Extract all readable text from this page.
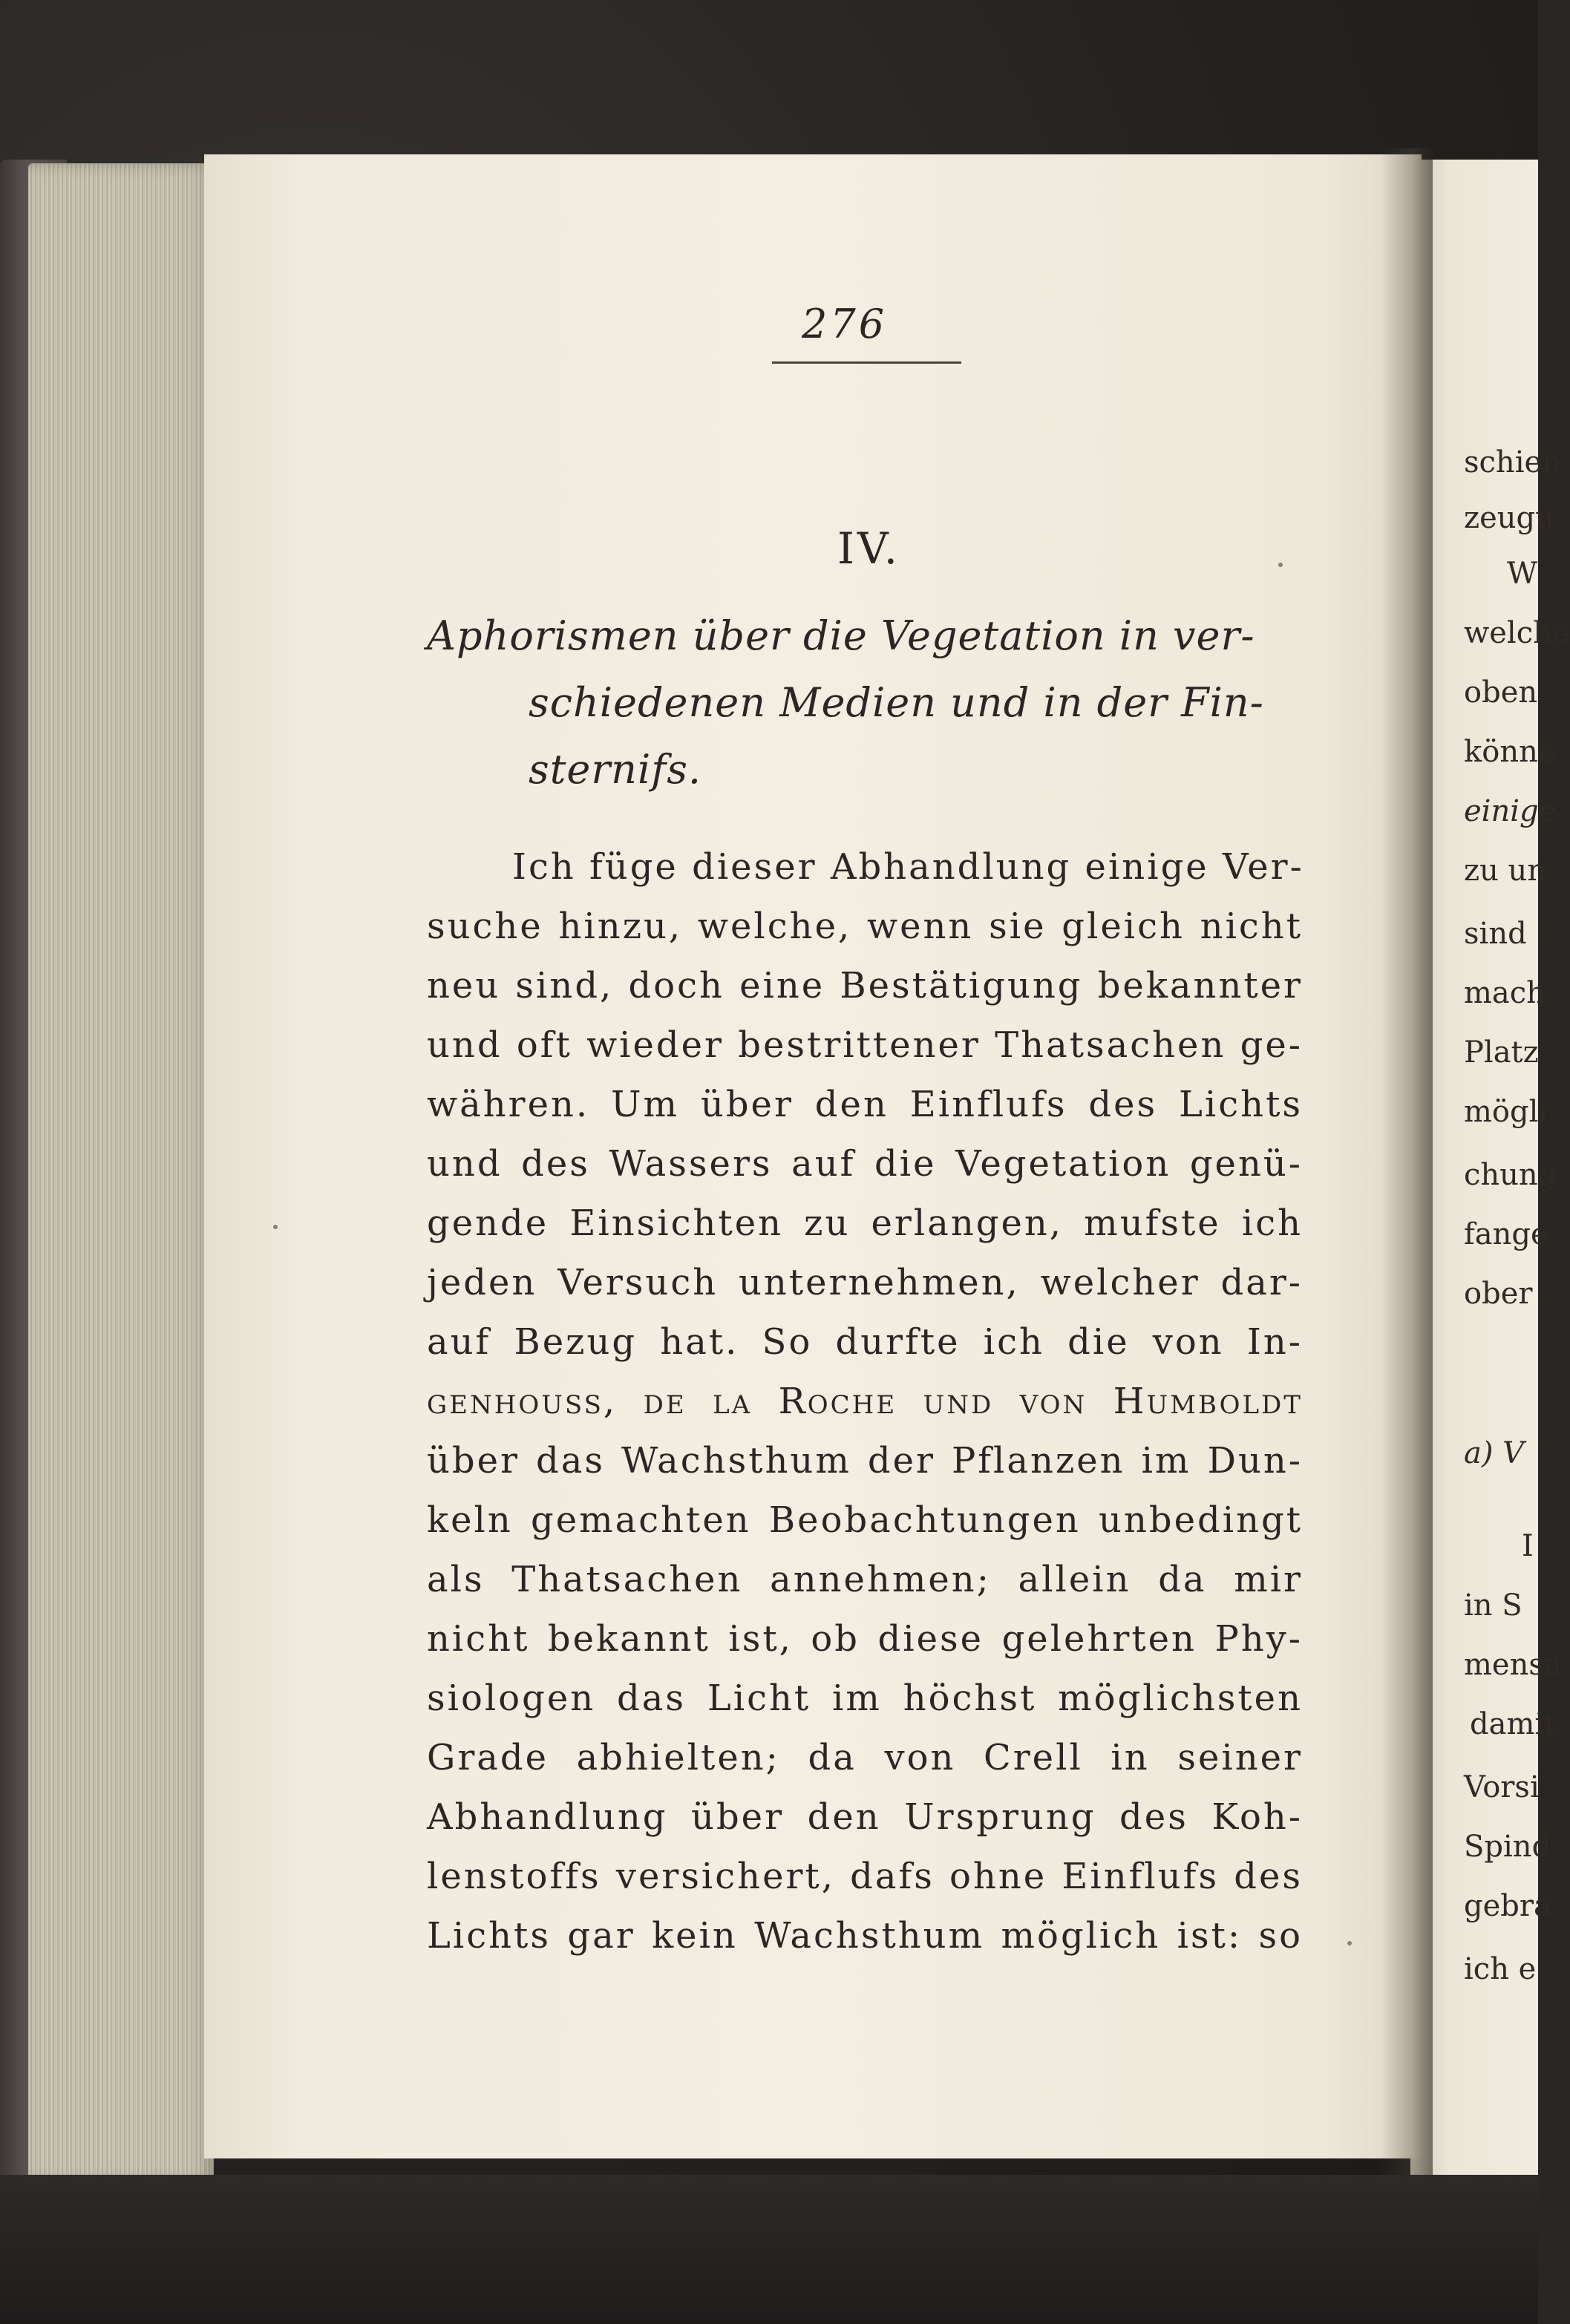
276
IV.
Aphorismen über die Vegetation in ver-
schiedenen Medien und in der Fin-
sternifs.
Ich füge dieser Abhandlung einige Ver-
suche hinzu, welche, wenn sie gleich nicht
neu sind, doch eine Bestätigung bekannter
und oft wieder bestrittener Thatsachen ge-
währen. Um über den Einflufs des Lichts
und des Wassers auf die Vegetation genü-
gende Einsichten zu erlangen, mufste ich
jeden Versuch unternehmen, welcher dar-
auf Bezug hat. So durfte ich die von In-
genhouss, de la Roche und von Humboldt
über das Wachsthum der Pflanzen im Dun-
keln gemachten Beobachtungen unbedingt
als Thatsachen annehmen; allein da mir
nicht bekannt ist, ob diese gelehrten Phy-
siologen das Licht im höchst möglichsten
Grade abhielten; da von Crell in seiner
Abhandlung über den Ursprung des Koh-
lenstoffs versichert, dafs ohne Einflufs des
Lichts gar kein Wachsthum möglich ist: so
schien
zeugu
W
welche
oben
könne
einige
zu un
sind
mach
Platz
mögli
chung
fange
ober
a) V
I
in S
mensa
damit
Vorsi
Spind
gebra
ich e
